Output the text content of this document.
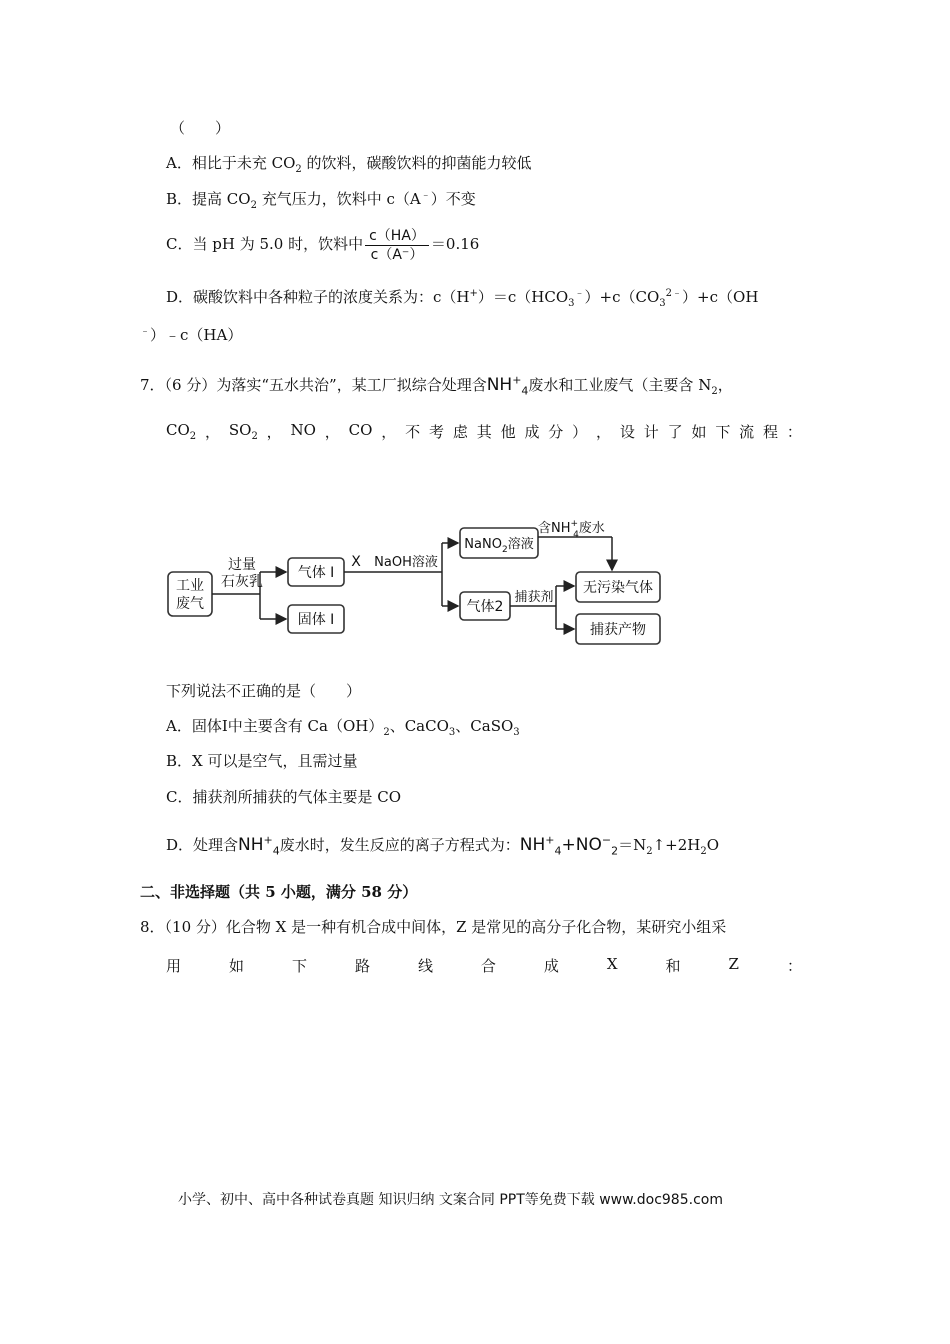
（　　）
A．相比于未充 $CO_2$ 的饮料，碳酸饮料的抑菌能力较低
B．提高 $CO_2$ 充气压力，饮料中 c（A﹣）不变
C．当 pH 为 5.0 时，饮料中 $\frac{c(HA)}{c(A^-)} =0.16$
D．碳酸饮料中各种粒子的浓度关系为：$c(H^+)=c(HCO_3^﹣)+c(CO_3^{2﹣})+c(OH$
﹣）﹣c（HA）
7．（6 分）为落实“五水共治”，某工厂拟综合处理含$NH^+_4$废水和工业废气（主要含 $N_2$，
$CO_2$ ， $SO_2$ ， NO ， CO ， 不 考 虑 其 他 成 分 ） ， 设 计 了 如 下 流 程 ：
工业
废气
过量
石灰乳
气体 I
固体 I
X NaOH溶液
NaNO$_2$溶液
含NH+ 4废水
气体2
捕获剂
无污染气体
捕获产物
下列说法不正确的是（　　）
A．固体Ⅰ中主要含有 $Ca(OH)_2$、CaCO$_3$、CaSO$_3$
B．X 可以是空气，且需过量
C．捕获剂所捕获的气体主要是 CO
D．处理含$NH^+_4$废水时，发生反应的离子方程式为：$NH^+_4+NO^-_2=N_2↑+2H_2O$
二、非选择题（共 5 小题，满分 58 分）
8．（10 分）化合物 X 是一种有机合成中间体，Z 是常见的高分子化合物，某研究小组采
用	如	下	路	线	合	成	X	和	Z	：
小学、初中、高中各种试卷真题 知识归纳 文案合同 PPT等免费下载 www.doc985.com
